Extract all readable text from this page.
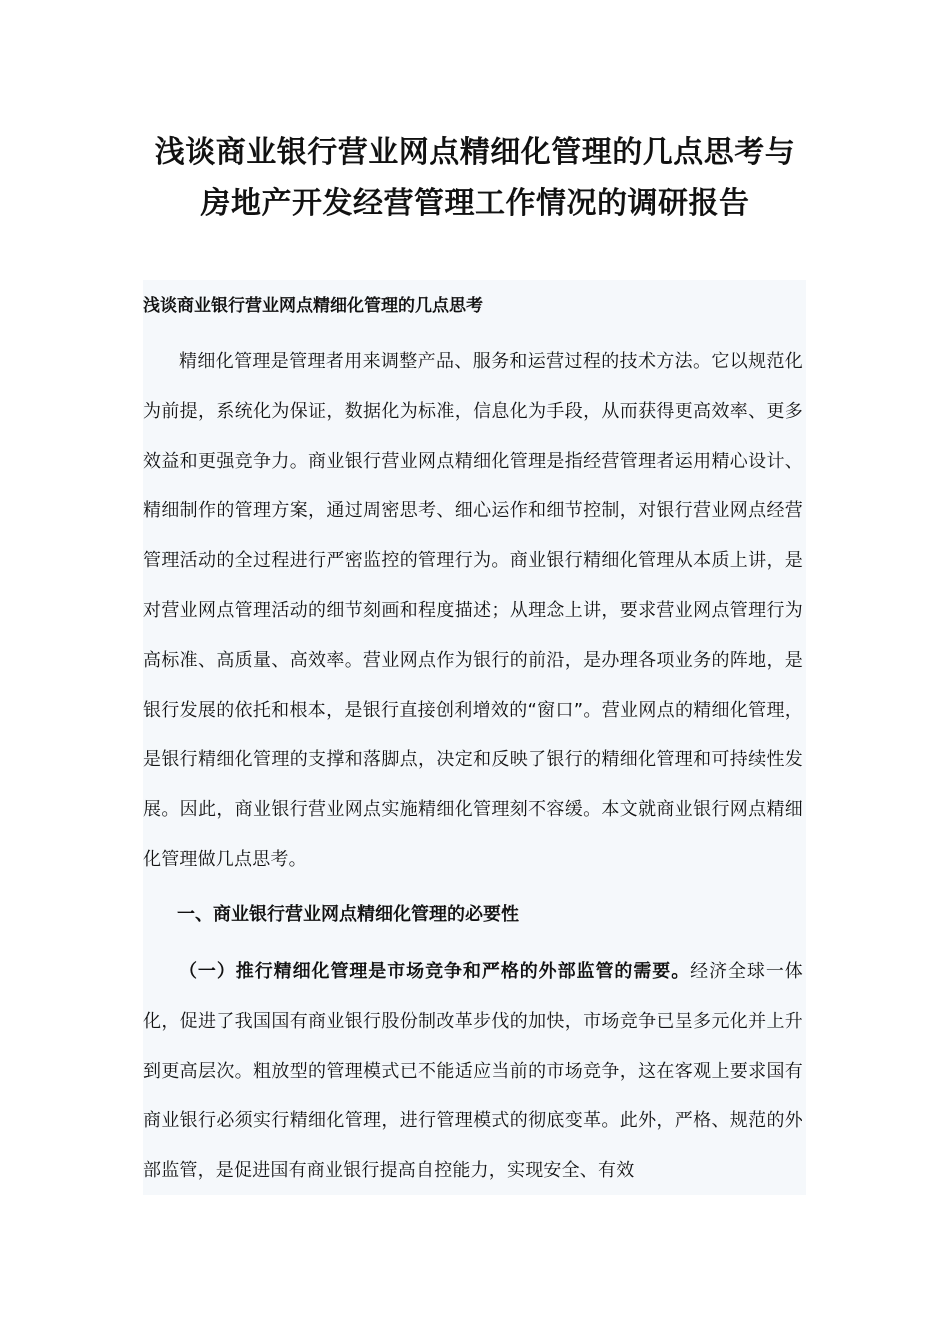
浅谈商业银行营业网点精细化管理的几点思考与
房地产开发经营管理工作情况的调研报告
浅谈商业银行营业网点精细化管理的几点思考

精细化管理是管理者用来调整产品、服务和运营过程的技术方法。它以规范化为前提，系统化为保证，数据化为标准，信息化为手段，从而获得更高效率、更多效益和更强竞争力。商业银行营业网点精细化管理是指经营管理者运用精心设计、精细制作的管理方案，通过周密思考、细心运作和细节控制，对银行营业网点经营管理活动的全过程进行严密监控的管理行为。商业银行精细化管理从本质上讲，是对营业网点管理活动的细节刻画和程度描述；从理念上讲，要求营业网点管理行为高标准、高质量、高效率。营业网点作为银行的前沿，是办理各项业务的阵地，是银行发展的依托和根本，是银行直接创利增效的“窗口”。营业网点的精细化管理，是银行精细化管理的支撑和落脚点，决定和反映了银行的精细化管理和可持续性发展。因此，商业银行营业网点实施精细化管理刻不容缓。本文就商业银行网点精细化管理做几点思考。

一、商业银行营业网点精细化管理的必要性

（一）推行精细化管理是市场竞争和严格的外部监管的需要。经济全球一体化，促进了我国国有商业银行股份制改革步伐的加快，市场竞争已呈多元化并上升到更高层次。粗放型的管理模式已不能适应当前的市场竞争，这在客观上要求国有商业银行必须实行精细化管理，进行管理模式的彻底变革。此外，严格、规范的外部监管，是促进国有商业银行提高自控能力，实现安全、有效
